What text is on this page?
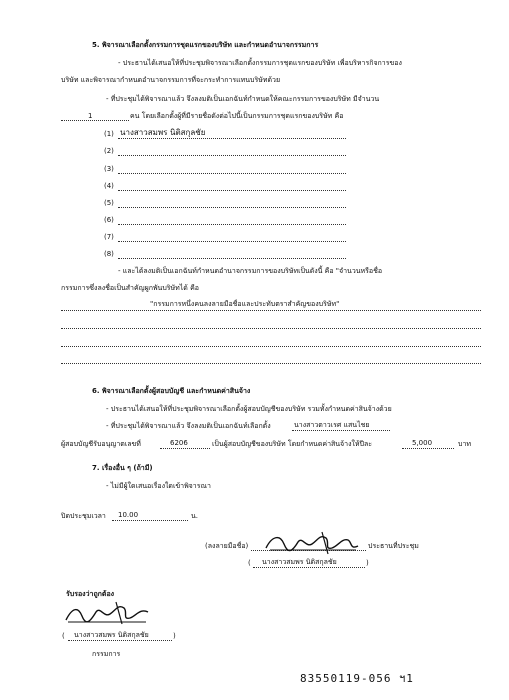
5. พิจารณาเลือกตั้งกรรมการชุดแรกของบริษัท และกำหนดอำนาจกรรมการ
- ประธานได้เสนอให้ที่ประชุมพิจารณาเลือกตั้งกรรมการชุดแรกของบริษัท เพื่อบริหารกิจการของ
บริษัท และพิจารณากำหนดอำนาจกรรมการที่จะกระทำการแทนบริษัทด้วย
- ที่ประชุมได้พิจารณาแล้ว จึงลงมติเป็นเอกฉันท์กำหนดให้คณะกรรมการของบริษัท มีจำนวน
1	คน โดยเลือกตั้งผู้ที่มีรายชื่อดังต่อไปนี้เป็นกรรมการชุดแรกของบริษัท คือ
(1) นางสาวสมพร นิติสกุลชัย
(2)
(3)
(4)
(5)
(6)
(7)
(8)
- และได้ลงมติเป็นเอกฉันท์กำหนดอำนาจกรรมการของบริษัทเป็นดังนี้ คือ "จำนวนหรือชื่อ
กรรมการซึ่งลงชื่อเป็นสำคัญผูกพันบริษัทได้ คือ
"กรรมการหนึ่งคนลงลายมือชื่อและประทับตราสำคัญของบริษัท"
6. พิจารณาเลือกตั้งผู้สอบบัญชี และกำหนดค่าสินจ้าง
- ประธานได้เสนอให้ที่ประชุมพิจารณาเลือกตั้งผู้สอบบัญชีของบริษัท รวมทั้งกำหนดค่าสินจ้างด้วย
- ที่ประชุมได้พิจารณาแล้ว จึงลงมติเป็นเอกฉันท์เลือกตั้ง	นางสาวตาวเรศ แสนไชย
ผู้สอบบัญชีรับอนุญาตเลขที่	6206	เป็นผู้สอบบัญชีของบริษัท โดยกำหนดค่าสินจ้างให้ปีละ	5,000	บาท
7. เรื่องอื่น ๆ (ถ้ามี)
- ไม่มีผู้ใดเสนอเรื่องใดเข้าพิจารณา
ปิดประชุมเวลา 10.00	น.
(ลงลายมือชื่อ)	ประธานที่ประชุม
( นางสาวสมพร นิติสกุลชัย	)
รับรองว่าถูกต้อง
( นางสาวสมพร นิติสกุลชัย	)
กรรมการ
83550119-056 ฯ1
